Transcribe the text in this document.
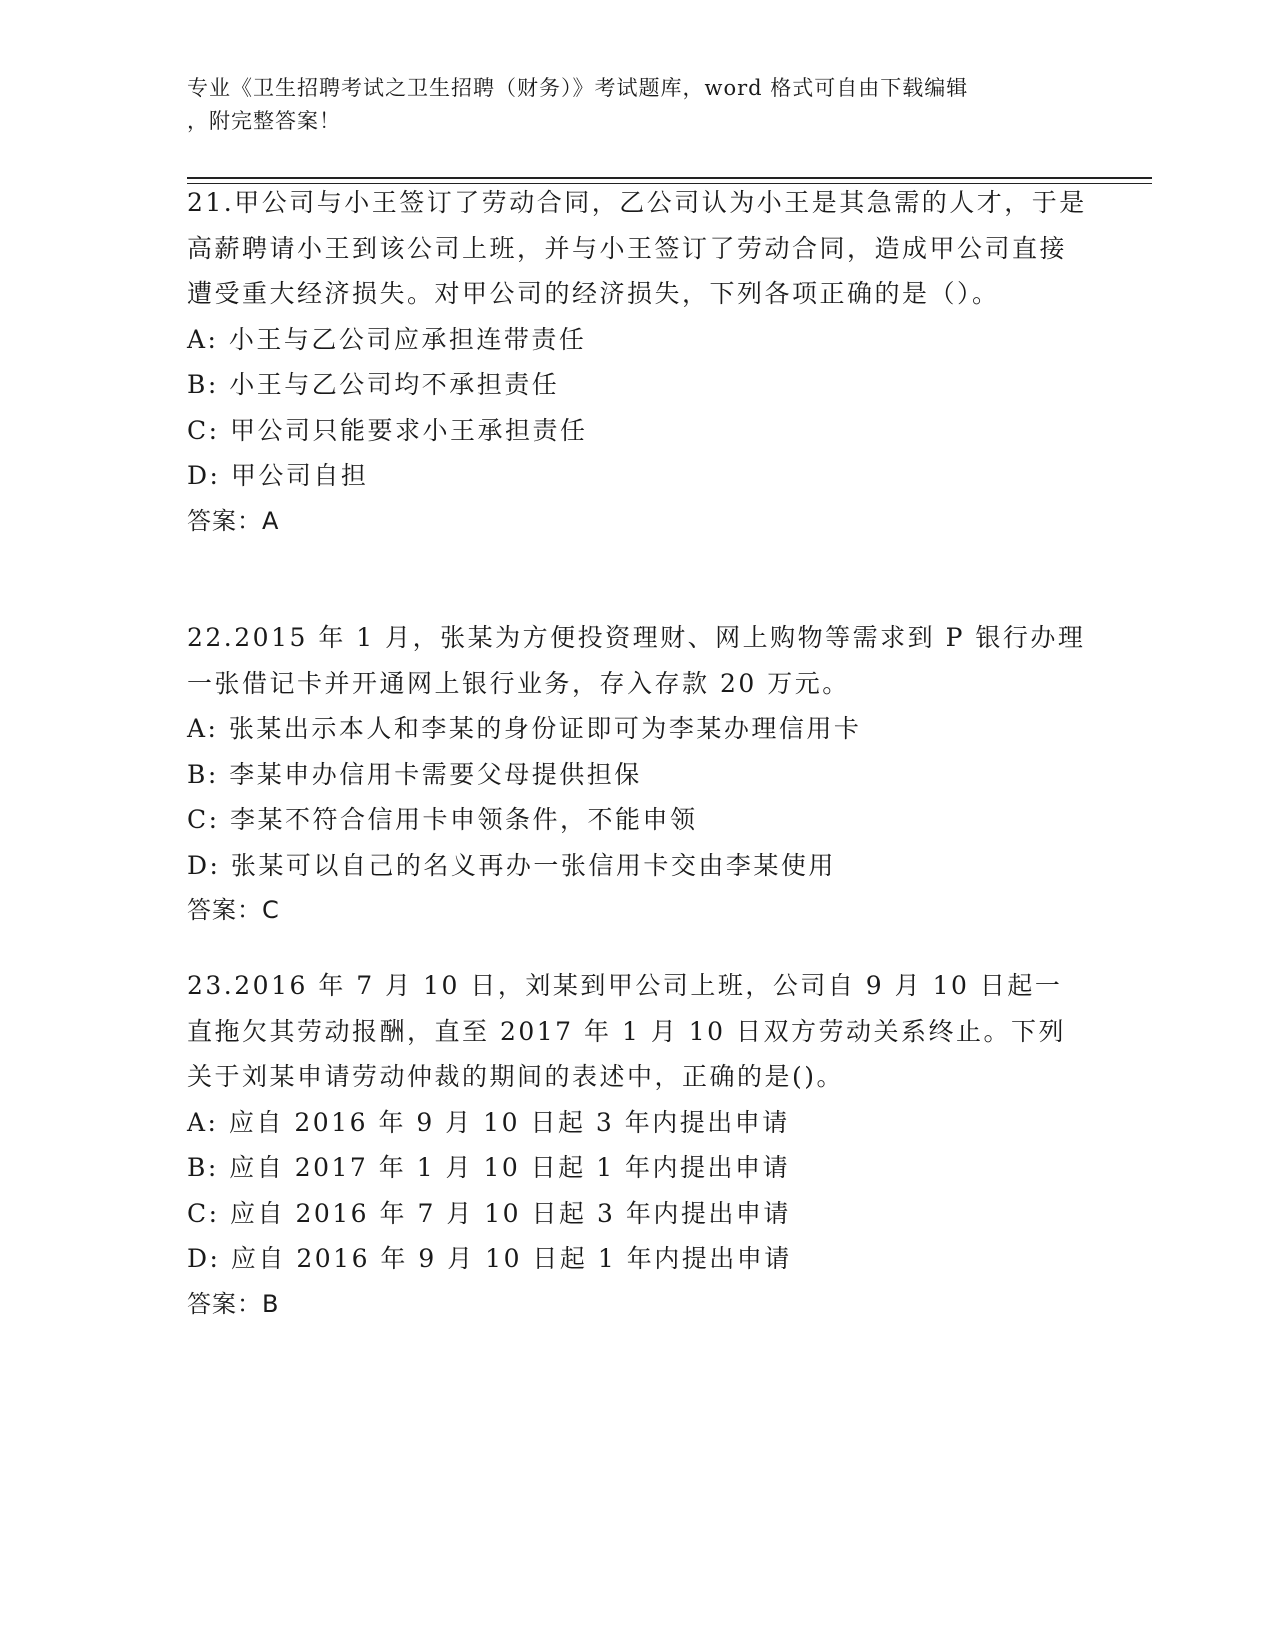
专业《卫生招聘考试之卫生招聘（财务）》考试题库，word 格式可自由下载编辑
，附完整答案！

21.甲公司与小王签订了劳动合同，乙公司认为小王是其急需的人才，于是高薪聘请小王到该公司上班，并与小王签订了劳动合同，造成甲公司直接遭受重大经济损失。对甲公司的经济损失，下列各项正确的是（）。

A: 小王与乙公司应承担连带责任

B: 小王与乙公司均不承担责任

C: 甲公司只能要求小王承担责任

D: 甲公司自担

答案：A

22.2015 年 1 月，张某为方便投资理财、网上购物等需求到 P 银行办理一张借记卡并开通网上银行业务，存入存款 20 万元。

A: 张某出示本人和李某的身份证即可为李某办理信用卡

B: 李某申办信用卡需要父母提供担保

C: 李某不符合信用卡申领条件，不能申领

D: 张某可以自己的名义再办一张信用卡交由李某使用

答案：C

23.2016 年 7 月 10 日，刘某到甲公司上班，公司自 9 月 10 日起一直拖欠其劳动报酬，直至 2017 年 1 月 10 日双方劳动关系终止。下列关于刘某申请劳动仲裁的期间的表述中，正确的是()。

A: 应自 2016 年 9 月 10 日起 3 年内提出申请

B: 应自 2017 年 1 月 10 日起 1 年内提出申请

C: 应自 2016 年 7 月 10 日起 3 年内提出申请

D: 应自 2016 年 9 月 10 日起 1 年内提出申请

答案：B
